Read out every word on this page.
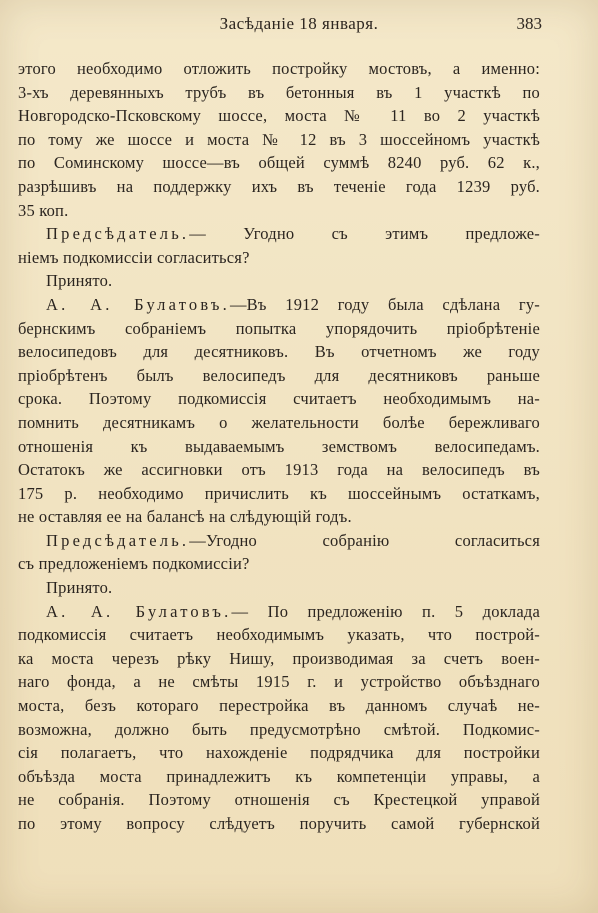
Засѣданіе 18 января.	383
этого необходимо отложить постройку мостовъ, а именно:
3-хъ деревянныхъ трубъ въ бетонныя въ 1 участкѣ по
Новгородско-Псковскому шоссе, моста № 11 во 2 участкѣ
по тому же шоссе и моста № 12 въ 3 шоссейномъ участкѣ
по Соминскому шоссе—въ общей суммѣ 8240 руб. 62 к.,
разрѣшивъ на поддержку ихъ въ теченіе года 1239 руб.
35 коп.
Предсѣдатель.— Угодно съ этимъ предложе-
ніемъ подкомиссіи согласиться?
Принято.
А. А. Булатовъ.—Въ 1912 году была сдѣлана гу-
бернскимъ собраніемъ попытка упорядочить пріобрѣтеніе
велосипедовъ для десятниковъ. Въ отчетномъ же году
пріобрѣтенъ былъ велосипедъ для десятниковъ раньше
срока. Поэтому подкомиссія считаетъ необходимымъ на-
помнить десятникамъ о желательности болѣе бережливаго
отношенія къ выдаваемымъ земствомъ велосипедамъ.
Остатокъ же ассигновки отъ 1913 года на велосипедъ въ
175 р. необходимо причислить къ шоссейнымъ остаткамъ,
не оставляя ее на балансѣ на слѣдующій годъ.
Предсѣдатель.—Угодно собранію согласиться
съ предложеніемъ подкомиссіи?
Принято.
А. А. Булатовъ.— По предложенію п. 5 доклада
подкомиссія считаетъ необходимымъ указать, что построй-
ка моста черезъ рѣку Нишу, производимая за счетъ воен-
наго фонда, а не смѣты 1915 г. и устройство объѣзднаго
моста, безъ котораго перестройка въ данномъ случаѣ не-
возможна, должно быть предусмотрѣно смѣтой. Подкомис-
сія полагаетъ, что нахожденіе подрядчика для постройки
объѣзда моста принадлежитъ къ компетенціи управы, а
не собранія. Поэтому отношенія съ Крестецкой управой
по этому вопросу слѣдуетъ поручить самой губернской
